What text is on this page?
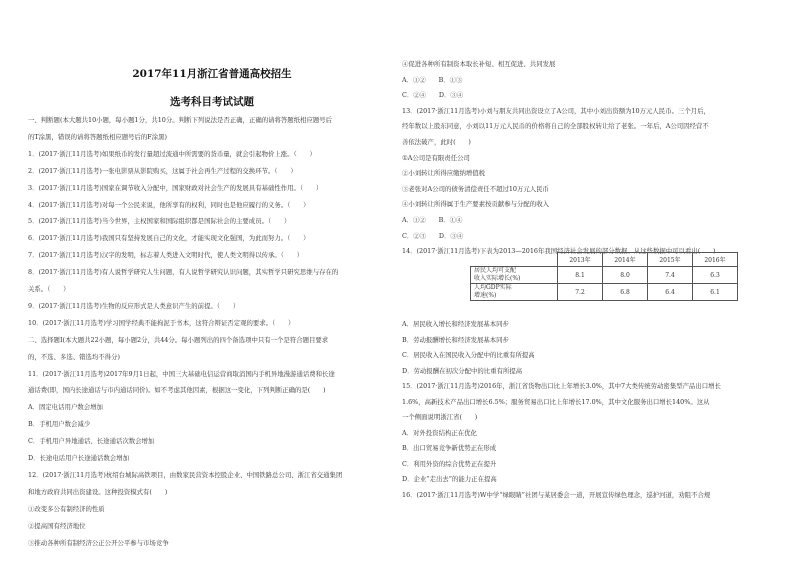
2017年11月浙江省普通高校招生
选考科目考试试题
一、判断题(本大题共10小题，每小题1分，共10分。判断下列说法是否正确，正确的请将答题纸相应题号后
的T涂黑，错误的请将答题纸相应题号后的F涂黑)
1．(2017·浙江11月选考)如果纸币的发行量超过流通中所需要的货币量，就会引起物价上涨。（　　）
2．(2017·浙江11月选考)一张电影票从影院购买，这属于社会再生产过程的交换环节。（　　）
3．(2017·浙江11月选考)国家在调节收入分配中，国家财政对社会生产的发展具有基础性作用。（　　）
4．(2017·浙江11月选考)对每一个公民来说，他所享有的权利，同时也是他应履行的义务。（　　）
5．(2017·浙江11月选考)当今世界，主权国家和国际组织都是国际社会的主要成员。（　　）
6．(2017·浙江11月选考)我国只有坚持发展自己的文化，才能实现文化强国，为此而努力。（　　）
7．(2017·浙江11月选考)汉字的发明，标志着人类进入文明时代，使人类文明得以传承。（　　）
8．(2017·浙江11月选考)有人说哲学研究人生问题，有人说哲学研究认识问题，其实哲学只研究思维与存在的
关系。（　　）
9．(2017·浙江11月选考)生物的反应形式是人类意识产生的前提。（　　）
10．(2017·浙江11月选考)学习国学经典不能拘泥于书本，这符合辩证否定观的要求。（　　）
二、选择题Ⅰ(本大题共22小题，每小题2分，共44分。每小题列出的四个备选项中只有一个是符合题目要求
的，不选、多选、错选均不得分)
11．(2017·浙江11月选考)2017年9月1日起，中国三大基础电信运营商取消国内手机异地漫游通话费和长途
通话费(即，国内长途通话与市内通话同价)。如不考虑其他因素，根据这一变化，下列判断正确的是(　　)
A．固定电话用户数会增加
B．手机用户数会减少
C．手机用户异地通话、长途通话次数会增加
D．长途电话用户长途通话数会增加
12．(2017·浙江11月选考)杭绍台城际高铁项目，由数家民营资本控股企业、中国铁路总公司、浙江省交通集团
和地方政府共同出资建设。这种投资模式有(　　)
①改变多公有制经济的性质
②提高国有经济地位
③推动各种所有制经济公正公开公平参与市场竞争
④促进各种所有制资本取长补短、相互促进、共同发展
A．①②　　B．①③
C．②④　　D．③④
13．(2017·浙江11月选考)小刘与朋友共同出资设立了A公司，其中小刘出资额为10万元人民币。三个月后，
经年数以上股东同意，小刘以11万元人民币的价格将自己的全部股权转让给了老张。一年后，A公司因经营不
善依法破产，此时(　　)
①A公司是有限责任公司
②小刘转让所得应缴纳增值税
③老张对A公司的债务清偿责任不超过10万元人民币
④小刘转让所得属于生产要素按贡献参与分配的收入
A．①②　　B．①④
C．②③　　D．③④
14．(2017·浙江11月选考)下表为2013—2016年我国经济社会发展的部分数据。从这些数据中可以看出(　　)
A．居民收入增长和经济发展基本同步
B．劳动报酬增长和经济发展基本同步
C．居民收入在国民收入分配中的比重有所提高
D．劳动报酬在初次分配中的比重有所提高
15．(2017·浙江11月选考)2016年，浙江省货物出口比上年增长3.0%，其中7大类传统劳动密集型产品出口增长
1.6%，高新技术产品出口增长6.5%；服务贸易出口比上年增长17.0%，其中文化服务出口增长140%。这从
一个侧面说明浙江省(　　)
A．对外投资结构正在优化
B．出口贸易竞争新优势正在形成
C．利用外资的综合优势正在提升
D．企业“走出去”的能力正在提高
16．(2017·浙江11月选考)W中学“绿眼睛”社团与某居委会一道，开展宣传绿色理念，巡护河道，劝阻不合规
	2013年	2014年	2015年	2016年

居民人均可支配
收入实际增长(%)	8.1	8.0	7.4	6.3

人均GDP实际
增速(%)	7.2	6.8	6.4	6.1
